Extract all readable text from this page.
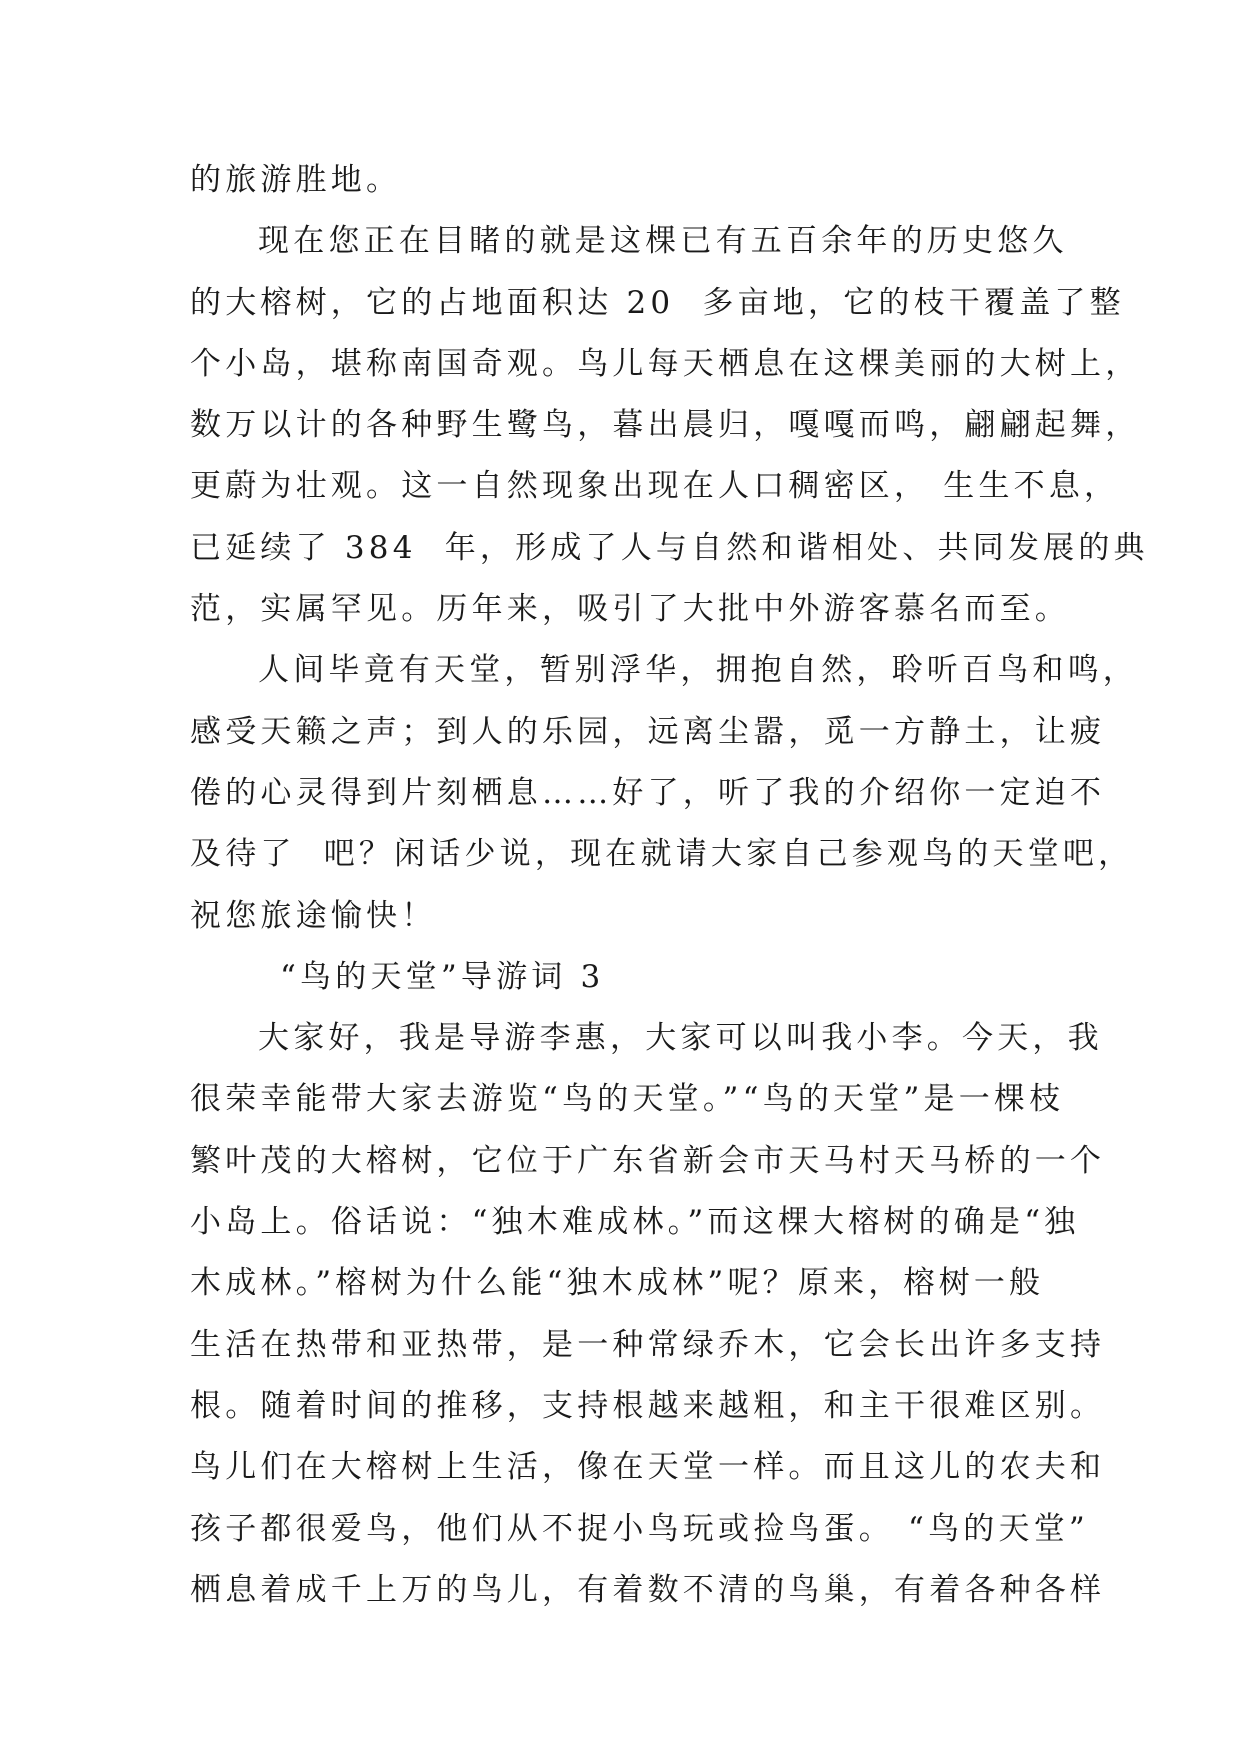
的旅游胜地。
现在您正在目睹的就是这棵已有五百余年的历史悠久
的大榕树，它的占地面积达 20  多亩地，它的枝干覆盖了整
个小岛，堪称南国奇观。鸟儿每天栖息在这棵美丽的大树上，
数万以计的各种野生鹭鸟，暮出晨归，嘎嘎而鸣，翩翩起舞，
更蔚为壮观。这一自然现象出现在人口稠密区， 生生不息，
已延续了 384  年，形成了人与自然和谐相处、共同发展的典
范，实属罕见。历年来，吸引了大批中外游客慕名而至。
人间毕竟有天堂，暂别浮华，拥抱自然，聆听百鸟和鸣，
感受天籁之声；到人的乐园，远离尘嚣，觅一方静土，让疲
倦的心灵得到片刻栖息……好了，听了我的介绍你一定迫不
及待了  吧？闲话少说，现在就请大家自己参观鸟的天堂吧，
祝您旅途愉快！
“鸟的天堂”导游词 3
大家好，我是导游李惠，大家可以叫我小李。今天，我
很荣幸能带大家去游览“鸟的天堂。”“鸟的天堂”是一棵枝
繁叶茂的大榕树，它位于广东省新会市天马村天马桥的一个
小岛上。俗话说：“独木难成林。”而这棵大榕树的确是“独
木成林。”榕树为什么能“独木成林”呢？原来，榕树一般
生活在热带和亚热带，是一种常绿乔木，它会长出许多支持
根。随着时间的推移，支持根越来越粗，和主干很难区别。
鸟儿们在大榕树上生活，像在天堂一样。而且这儿的农夫和
孩子都很爱鸟，他们从不捉小鸟玩或捡鸟蛋。 “鸟的天堂”
栖息着成千上万的鸟儿，有着数不清的鸟巢，有着各种各样
